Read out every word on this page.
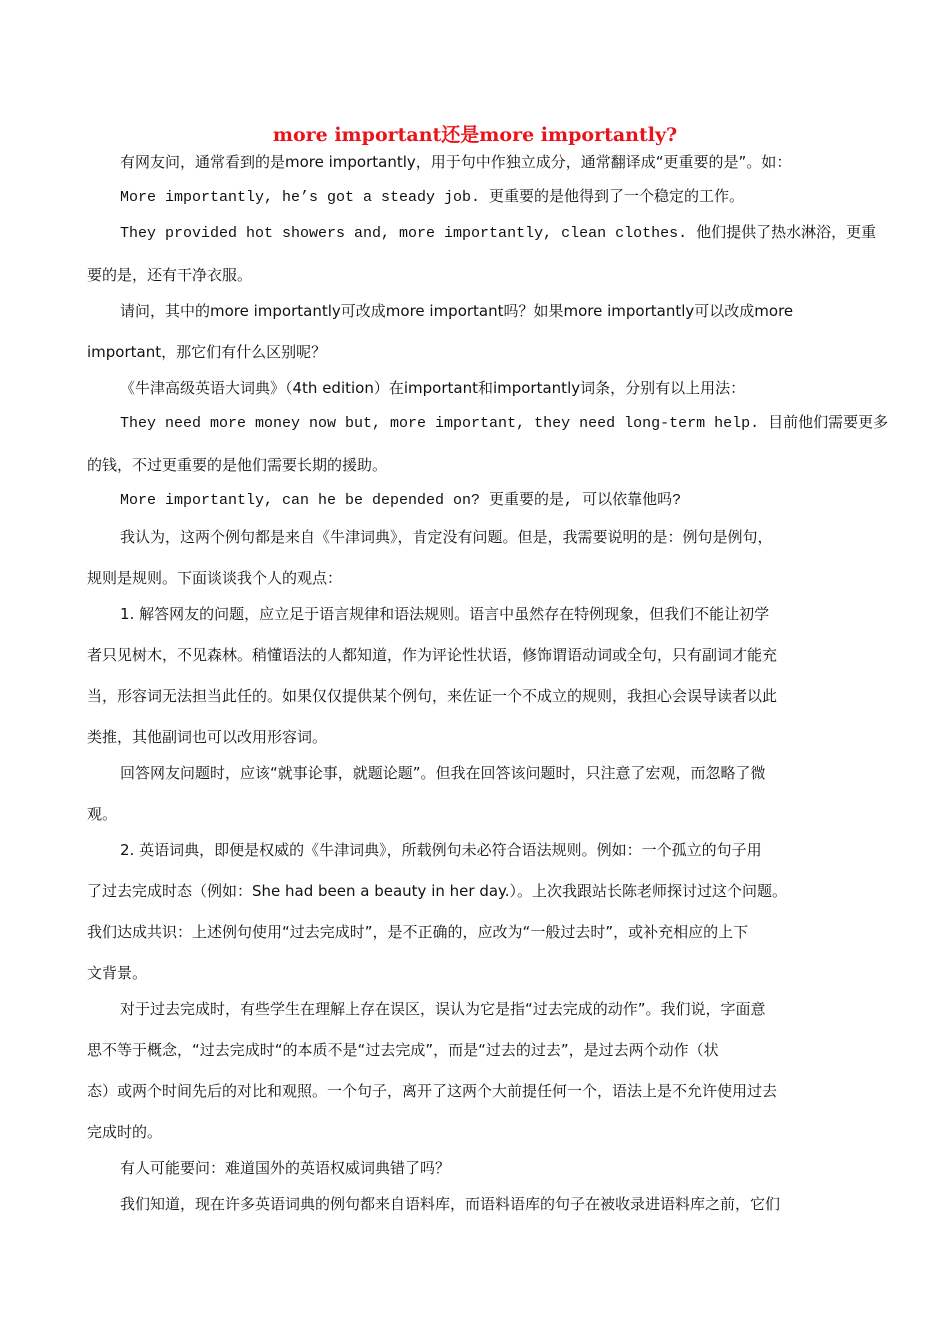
more important还是more importantly?
有网友问，通常看到的是more importantly，用于句中作独立成分，通常翻译成“更重要的是”。如：
More importantly, he’s got a steady job. 更重要的是他得到了一个稳定的工作。
They provided hot showers and, more importantly, clean clothes. 他们提供了热水淋浴，更重
要的是，还有干净衣服。
请问，其中的more importantly可改成more important吗？如果more importantly可以改成more
important，那它们有什么区别呢？
《牛津高级英语大词典》（4th edition）在important和importantly词条，分别有以上用法：
They need more money now but, more important, they need long-term help. 目前他们需要更多
的钱，不过更重要的是他们需要长期的援助。
More importantly, can he be depended on? 更重要的是, 可以依靠他吗?
我认为，这两个例句都是来自《牛津词典》，肯定没有问题。但是，我需要说明的是：例句是例句，
规则是规则。下面谈谈我个人的观点：
1. 解答网友的问题，应立足于语言规律和语法规则。语言中虽然存在特例现象，但我们不能让初学
者只见树木，不见森林。稍懂语法的人都知道，作为评论性状语，修饰谓语动词或全句，只有副词才能充
当，形容词无法担当此任的。如果仅仅提供某个例句，来佐证一个不成立的规则，我担心会误导读者以此
类推，其他副词也可以改用形容词。
回答网友问题时，应该“就事论事，就题论题”。但我在回答该问题时，只注意了宏观，而忽略了微
观。
2. 英语词典，即便是权威的《牛津词典》，所载例句未必符合语法规则。例如：一个孤立的句子用
了过去完成时态（例如：She had been a beauty in her day.）。上次我跟站长陈老师探讨过这个问题。
我们达成共识：上述例句使用“过去完成时”，是不正确的，应改为“一般过去时”，或补充相应的上下
文背景。
对于过去完成时，有些学生在理解上存在误区，误认为它是指“过去完成的动作”。我们说，字面意
思不等于概念，“过去完成时“的本质不是“过去完成”，而是“过去的过去”，是过去两个动作（状
态）或两个时间先后的对比和观照。一个句子，离开了这两个大前提任何一个，语法上是不允许使用过去
完成时的。
有人可能要问：难道国外的英语权威词典错了吗？
我们知道，现在许多英语词典的例句都来自语料库，而语料语库的句子在被收录进语料库之前，它们
